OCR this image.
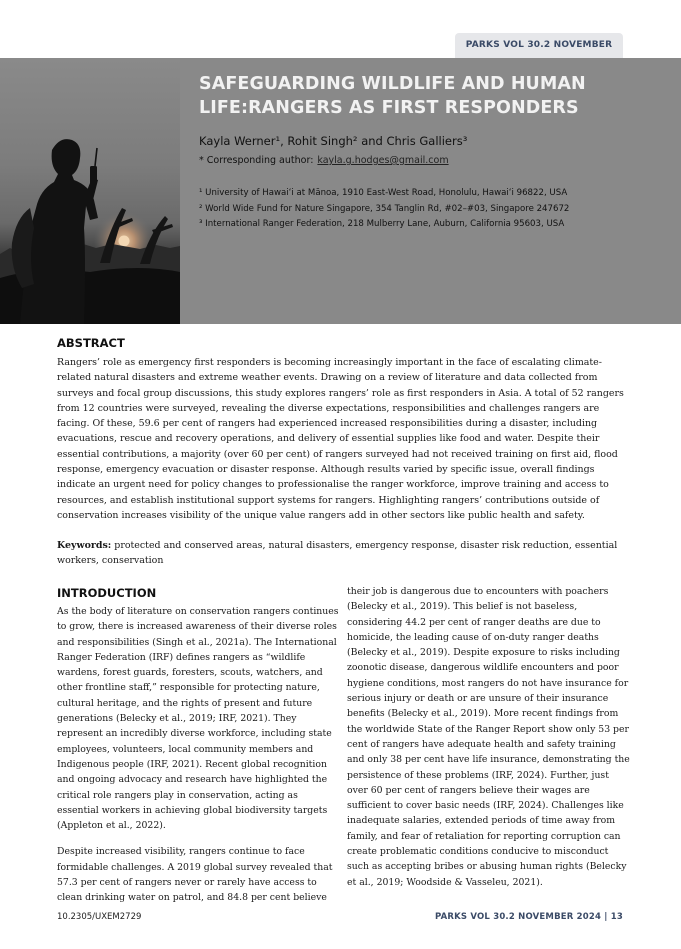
PARKS VOL 30.2 NOVEMBER
SAFEGUARDING WILDLIFE AND HUMAN LIFE:RANGERS AS FIRST RESPONDERS
Kayla Werner¹, Rohit Singh² and Chris Galliers³
* Corresponding author: kayla.g.hodges@gmail.com
¹ University of Hawaiʻi at Mānoa, 1910 East-West Road, Honolulu, Hawaiʻi 96822, USA
² World Wide Fund for Nature Singapore, 354 Tanglin Rd, #02–#03, Singapore 247672
³ International Ranger Federation, 218 Mulberry Lane, Auburn, California 95603, USA
ABSTRACT

Rangers’ role as emergency first responders is becoming increasingly important in the face of escalating climate-related natural disasters and extreme weather events. Drawing on a review of literature and data collected from surveys and focal group discussions, this study explores rangers’ role as first responders in Asia. A total of 52 rangers from 12 countries were surveyed, revealing the diverse expectations, responsibilities and challenges rangers are facing. Of these, 59.6 per cent of rangers had experienced increased responsibilities during a disaster, including evacuations, rescue and recovery operations, and delivery of essential supplies like food and water. Despite their essential contributions, a majority (over 60 per cent) of rangers surveyed had not received training on first aid, flood response, emergency evacuation or disaster response. Although results varied by specific issue, overall findings indicate an urgent need for policy changes to professionalise the ranger workforce, improve training and access to resources, and establish institutional support systems for rangers. Highlighting rangers’ contributions outside of conservation increases visibility of the unique value rangers add in other sectors like public health and safety.

Keywords: protected and conserved areas, natural disasters, emergency response, disaster risk reduction, essential workers, conservation

INTRODUCTION

As the body of literature on conservation rangers continues to grow, there is increased awareness of their diverse roles and responsibilities (Singh et al., 2021a). The International Ranger Federation (IRF) defines rangers as “wildlife wardens, forest guards, foresters, scouts, watchers, and other frontline staff,” responsible for protecting nature, cultural heritage, and the rights of present and future generations (Belecky et al., 2019; IRF, 2021). They represent an incredibly diverse workforce, including state employees, volunteers, local community members and Indigenous people (IRF, 2021). Recent global recognition and ongoing advocacy and research have highlighted the critical role rangers play in conservation, acting as essential workers in achieving global biodiversity targets (Appleton et al., 2022).

Despite increased visibility, rangers continue to face formidable challenges. A 2019 global survey revealed that 57.3 per cent of rangers never or rarely have access to clean drinking water on patrol, and 84.8 per cent believe

their job is dangerous due to encounters with poachers (Belecky et al., 2019). This belief is not baseless, considering 44.2 per cent of ranger deaths are due to homicide, the leading cause of on-duty ranger deaths (Belecky et al., 2019). Despite exposure to risks including zoonotic disease, dangerous wildlife encounters and poor hygiene conditions, most rangers do not have insurance for serious injury or death or are unsure of their insurance benefits (Belecky et al., 2019). More recent findings from the worldwide State of the Ranger Report show only 53 per cent of rangers have adequate health and safety training and only 38 per cent have life insurance, demonstrating the persistence of these problems (IRF, 2024). Further, just over 60 per cent of rangers believe their wages are sufficient to cover basic needs (IRF, 2024). Challenges like inadequate salaries, extended periods of time away from family, and fear of retaliation for reporting corruption can create problematic conditions conducive to misconduct such as accepting bribes or abusing human rights (Belecky et al., 2019; Woodside & Vasseleu, 2021).

10.2305/UXEM2729	PARKS VOL 30.2 NOVEMBER 2024 | 13
